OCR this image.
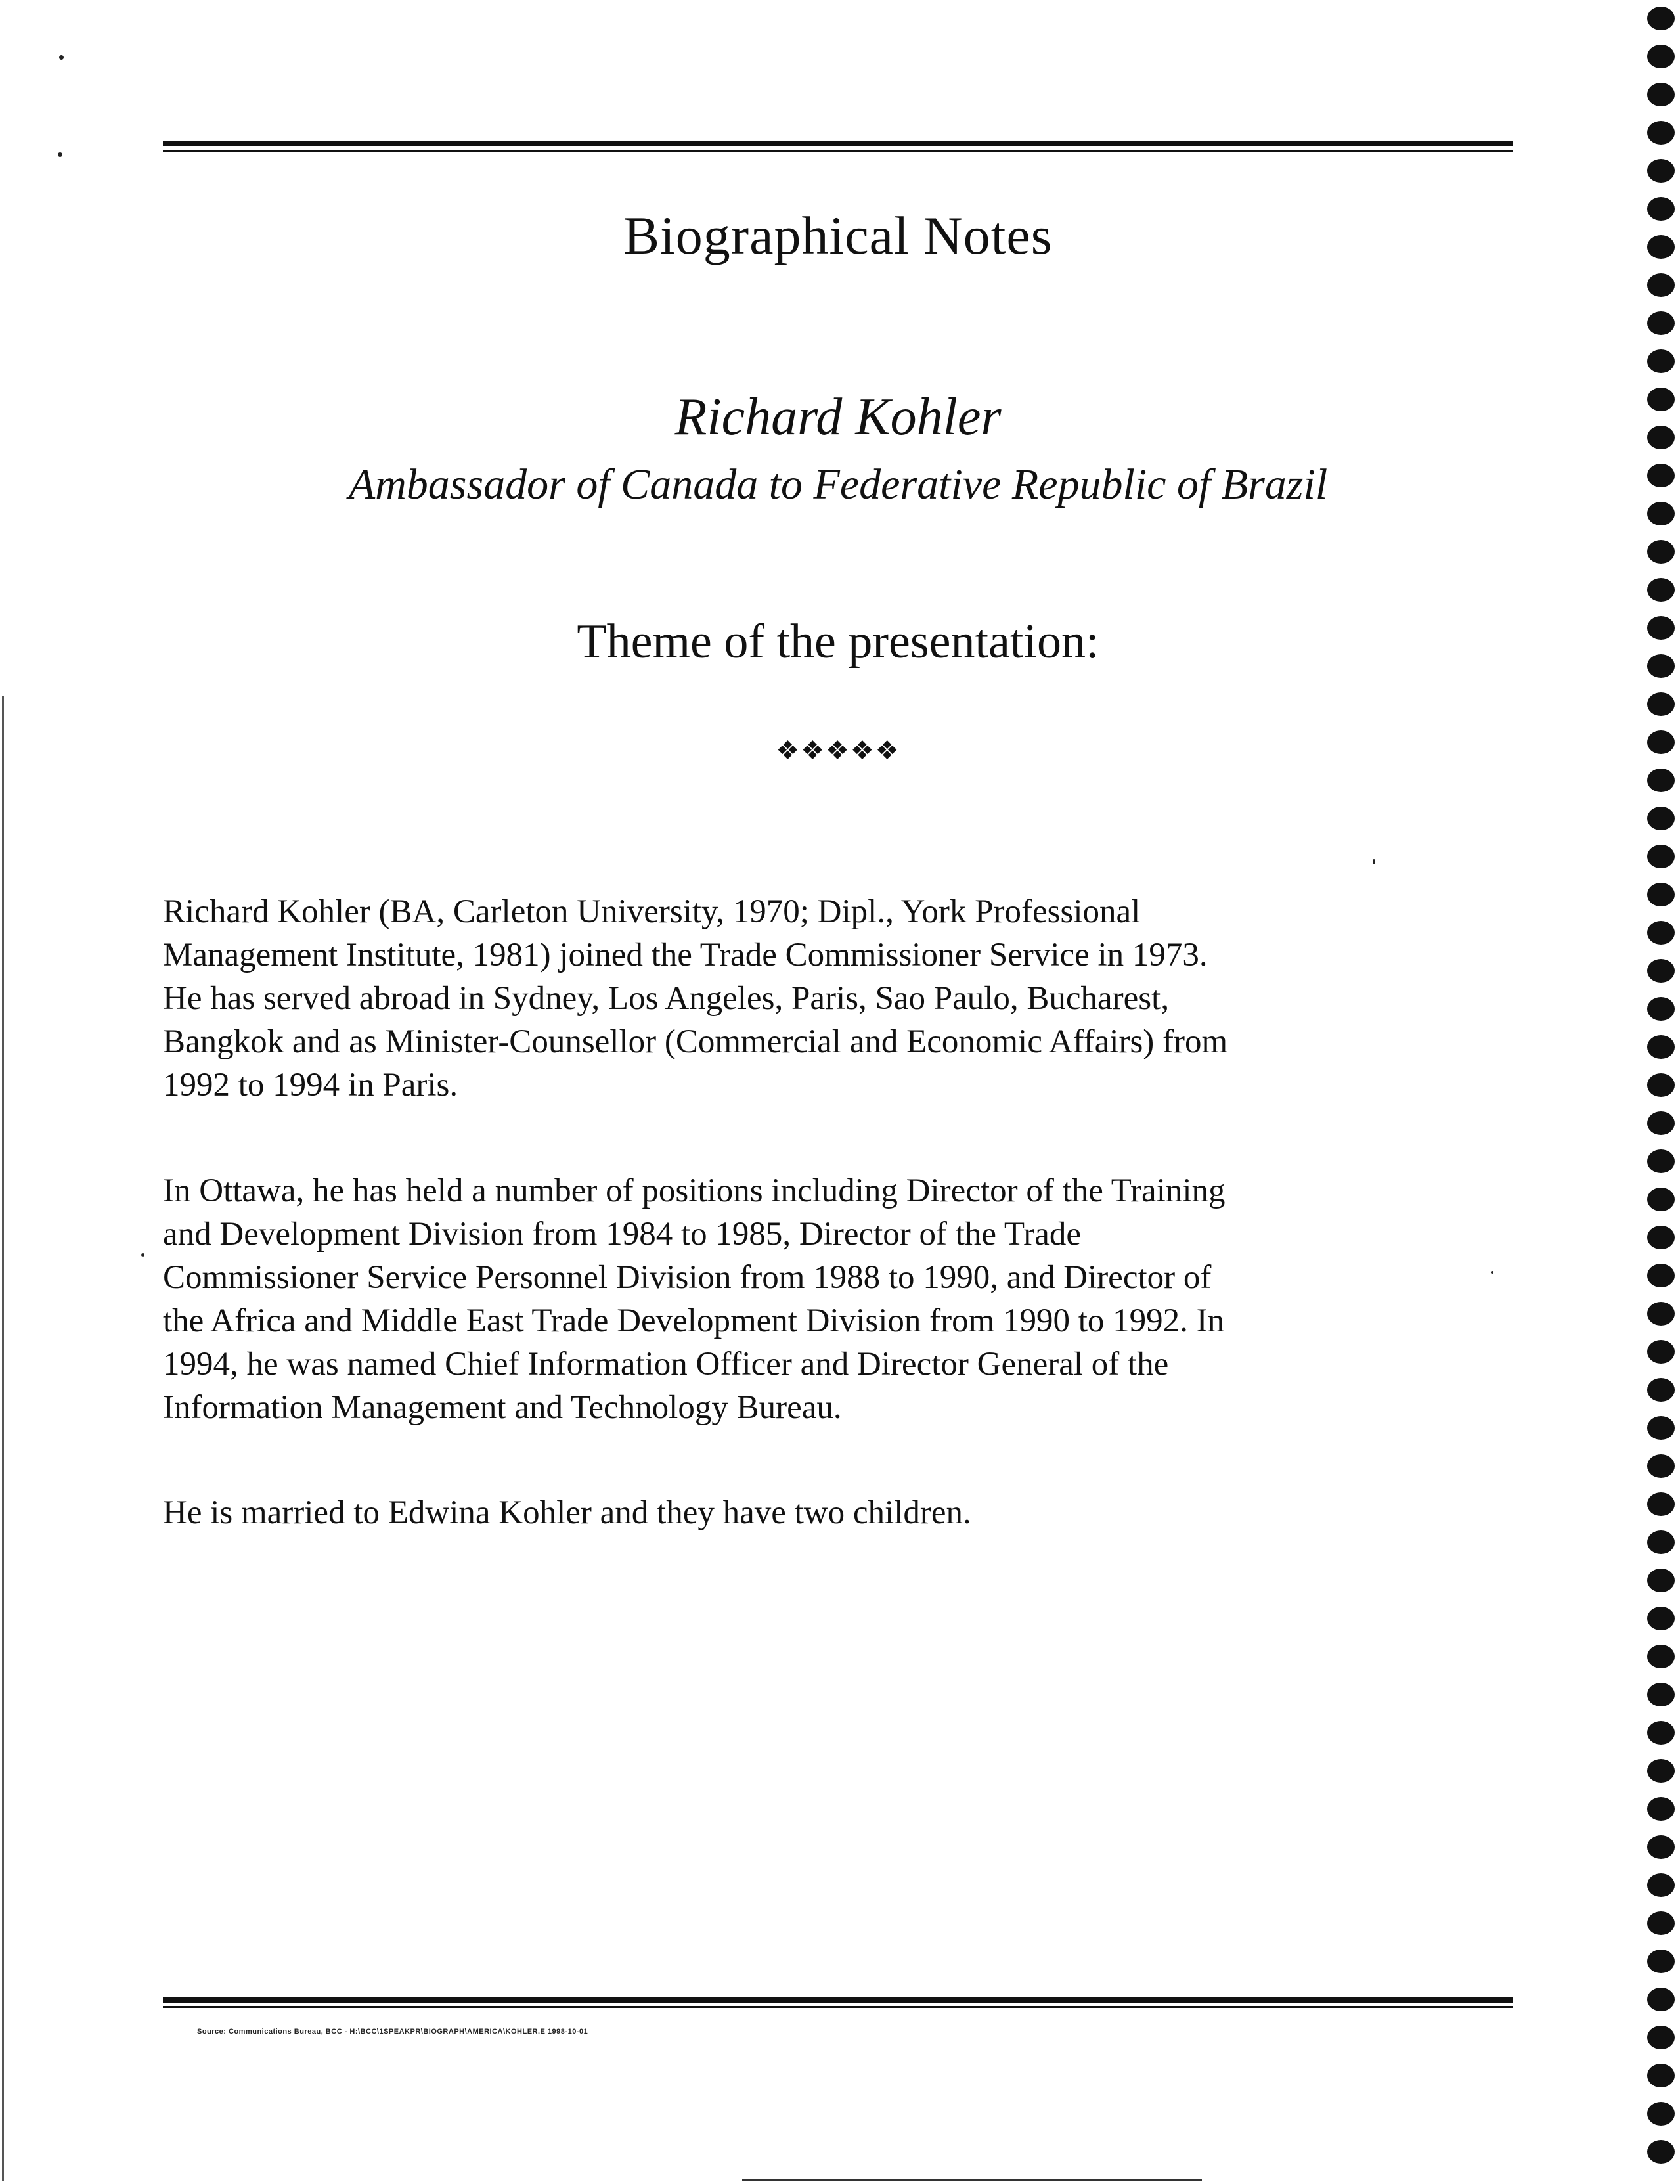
Biographical Notes
Richard Kohler
Ambassador of Canada to Federative Republic of Brazil
Theme of the presentation:
❖❖❖❖❖
Richard Kohler (BA, Carleton University, 1970; Dipl., York Professional
Management Institute, 1981) joined the Trade Commissioner Service in 1973.
He has served abroad in Sydney, Los Angeles, Paris, Sao Paulo, Bucharest,
Bangkok and as Minister-Counsellor (Commercial and Economic Affairs) from
1992 to 1994 in Paris.
In Ottawa, he has held a number of positions including Director of the Training
and Development Division from 1984 to 1985, Director of the Trade
Commissioner Service Personnel Division from 1988 to 1990, and Director of
the Africa and Middle East Trade Development Division from 1990 to 1992. In
1994, he was named Chief Information Officer and Director General of the
Information Management and Technology Bureau.
He is married to Edwina Kohler and they have two children.
Source: Communications Bureau, BCC - H:\BCC\1SPEAKPR\BIOGRAPH\AMERICA\KOHLER.E 1998-10-01
